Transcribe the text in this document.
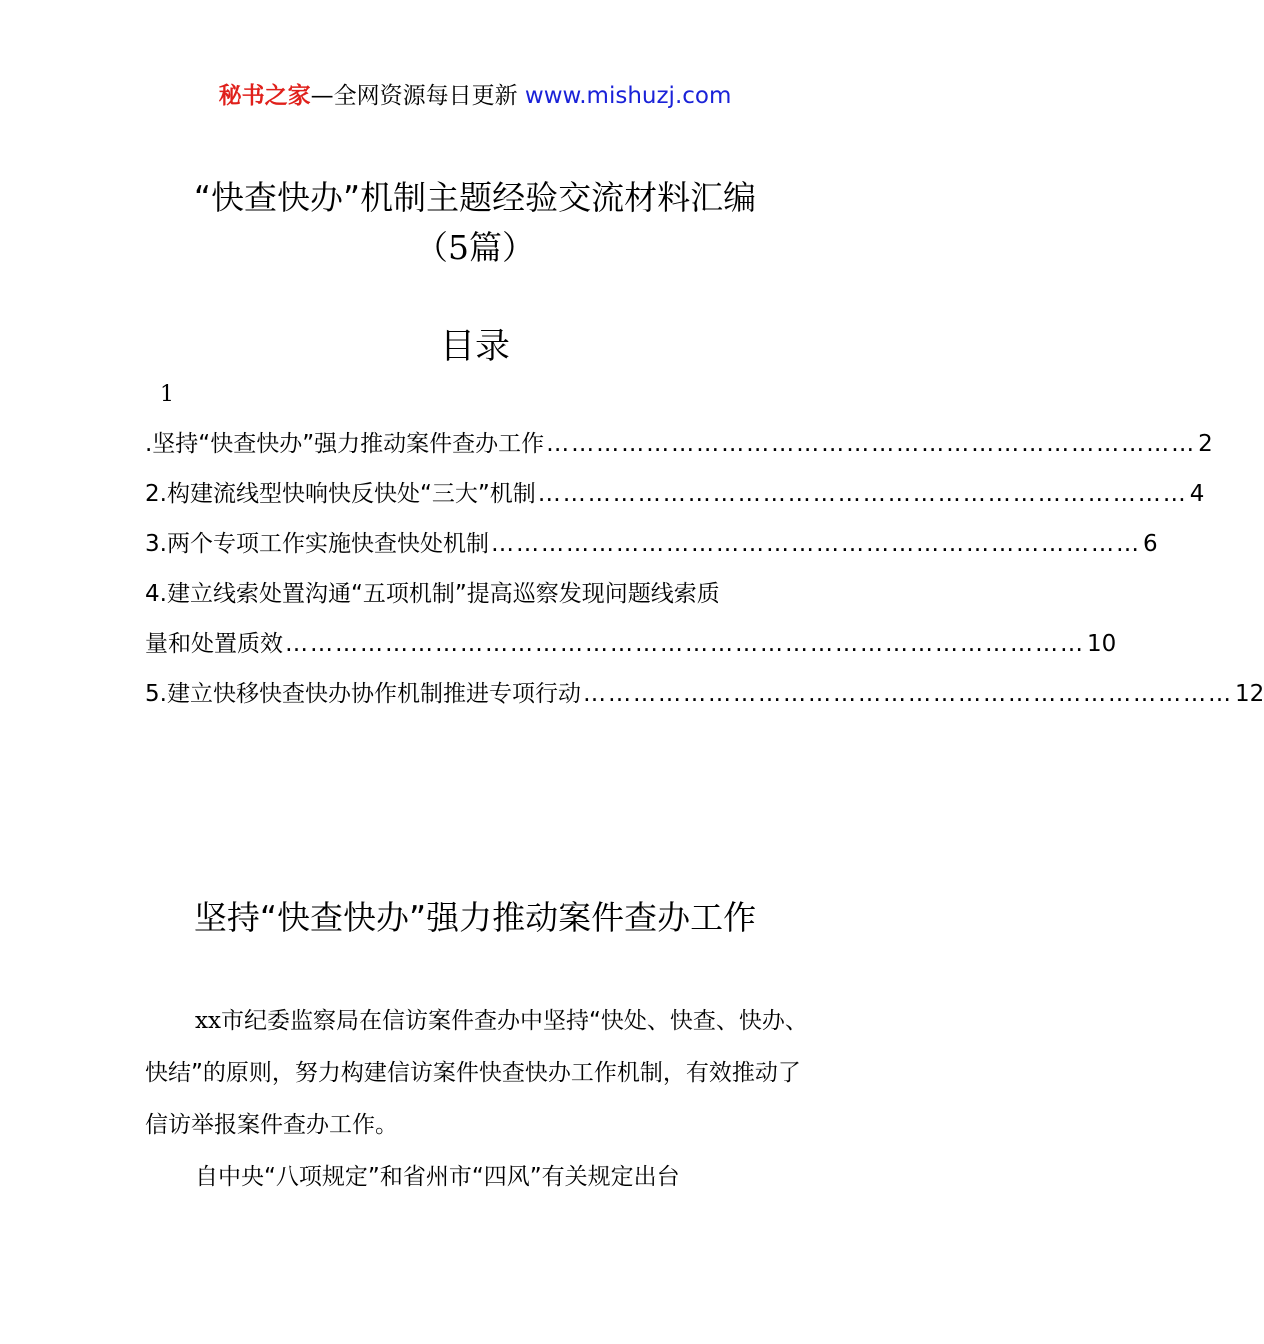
秘书之家—全网资源每日更新 www.mishuzj.com
“快查快办”机制主题经验交流材料汇编
（5篇）
目录
1
.坚持“快查快办”强力推动案件查办工作 …………………………………………………………………… 2
2.构建流线型快响快反快处“三大”机制 …………………………………………………………………… 4
3.两个专项工作实施快查快处机制 …………………………………………………………………… 6
4.建立线索处置沟通“五项机制”提高巡察发现问题线索质
量和处置质效 …………………………………………………………………………………… 10
5.建立快移快查快办协作机制推进专项行动 …………………………………………………………………… 12
坚持“快查快办”强力推动案件查办工作

xx市纪委监察局在信访案件查办中坚持“快处、快查、快办、快结”的原则，努力构建信访案件快查快办工作机制，有效推动了信访举报案件查办工作。

自中央“八项规定”和省州市“四风”有关规定出台
